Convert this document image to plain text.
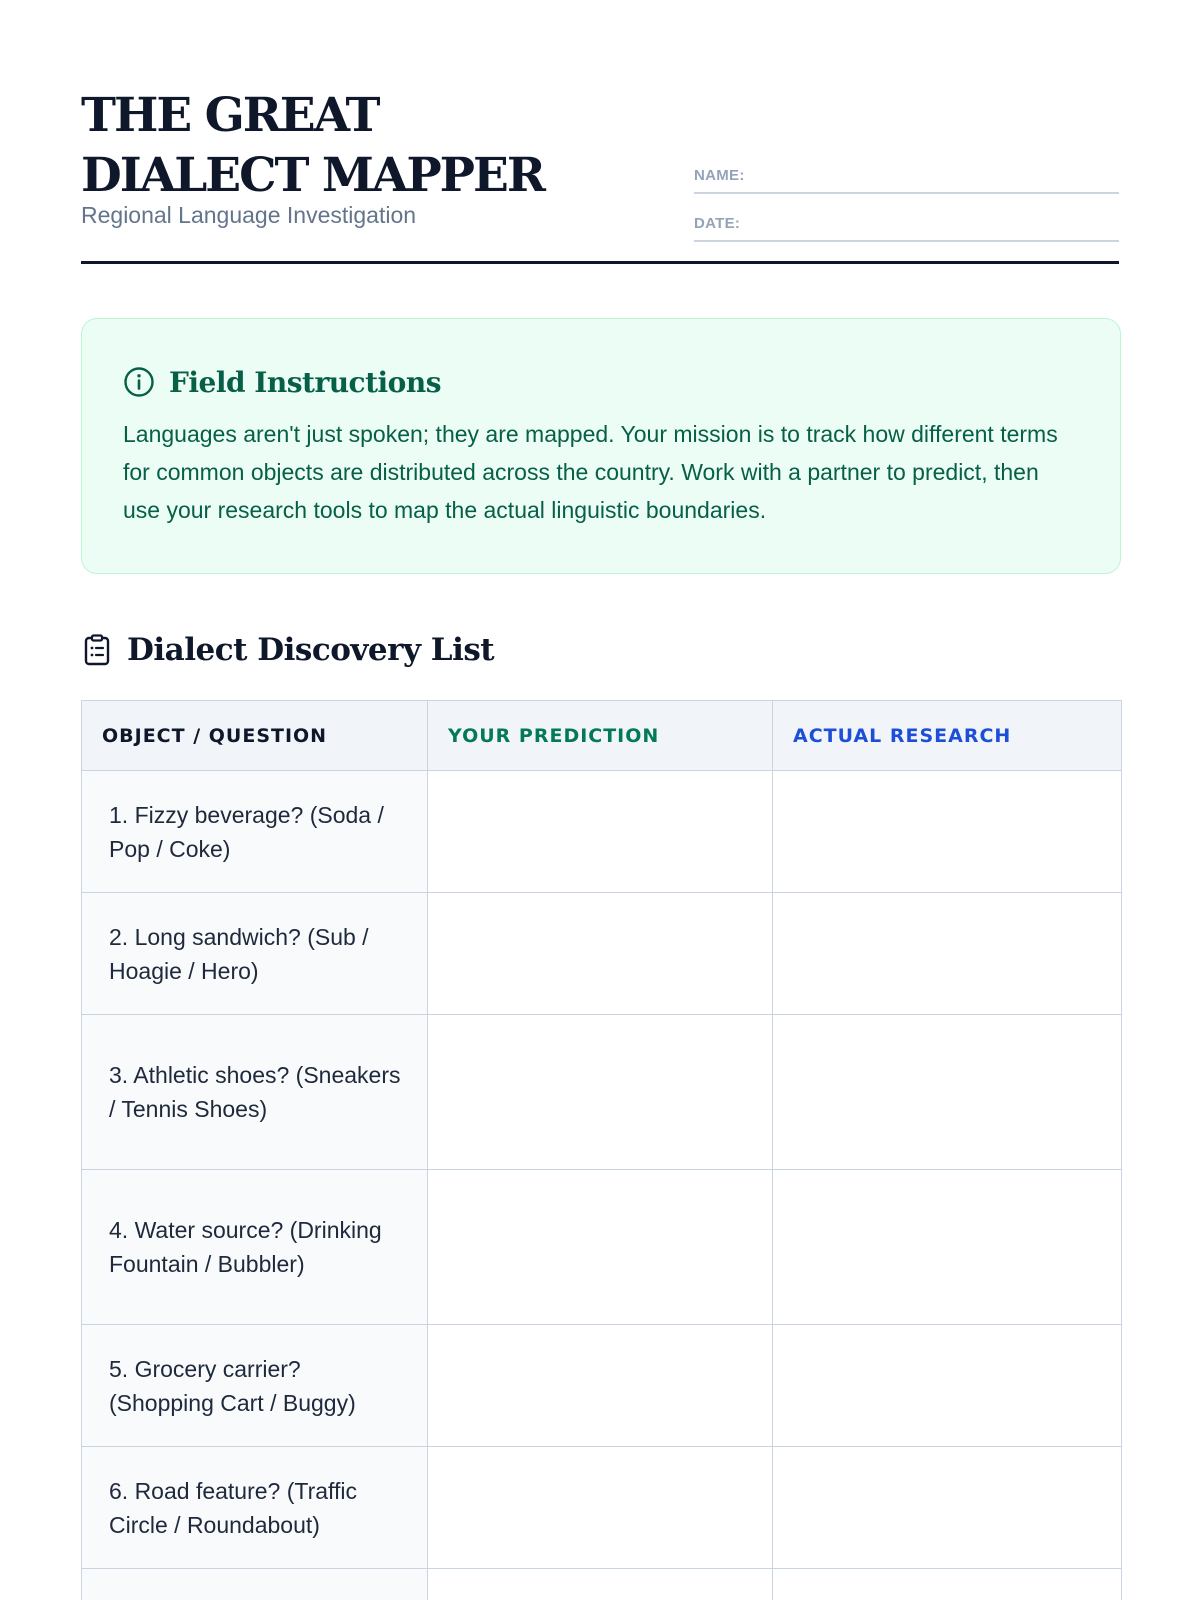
THE GREAT DIALECT MAPPER

Regional Language Investigation

NAME:
DATE:
Field Instructions

Languages aren't just spoken; they are mapped. Your mission is to track how different terms for common objects are distributed across the country. Work with a partner to predict, then use your research tools to map the actual linguistic boundaries.

Dialect Discovery List
OBJECT / QUESTION	YOUR PREDICTION	ACTUAL RESEARCH
1. Fizzy beverage? (Soda / Pop / Coke)		
2. Long sandwich? (Sub / Hoagie / Hero)		
3. Athletic shoes? (Sneakers / Tennis Shoes)		
4. Water source? (Drinking Fountain / Bubbler)		
5. Grocery carrier? (Shopping Cart / Buggy)		
6. Road feature? (Traffic Circle / Roundabout)		
